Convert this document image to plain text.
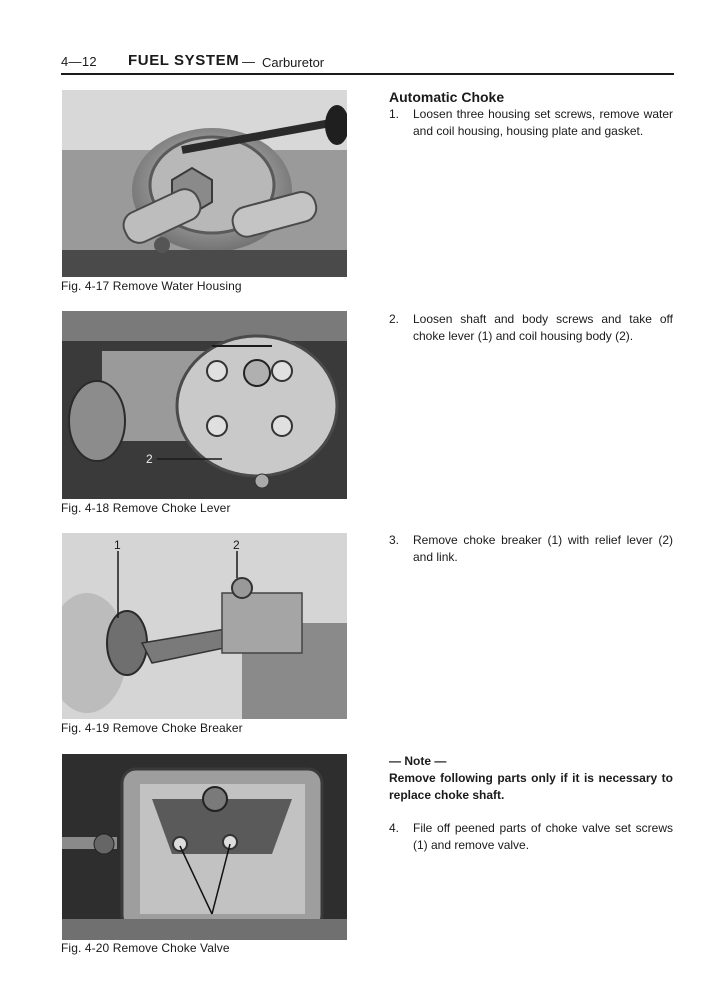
4—12 FUEL SYSTEM — Carburetor
Fig. 4-17 Remove Water Housing
2
Fig. 4-18 Remove Choke Lever
1	2
Fig. 4-19 Remove Choke Breaker
Fig. 4-20 Remove Choke Valve
Automatic Choke
1.	Loosen three housing set screws, remove water and coil housing, housing plate and gasket.
2.	Loosen shaft and body screws and take off choke lever (1) and coil housing body (2).
3.	Remove choke breaker (1) with relief lever (2) and link.
— Note —
Remove following parts only if it is necessary to replace choke shaft.
4.	File off peened parts of choke valve set screws (1) and remove valve.
